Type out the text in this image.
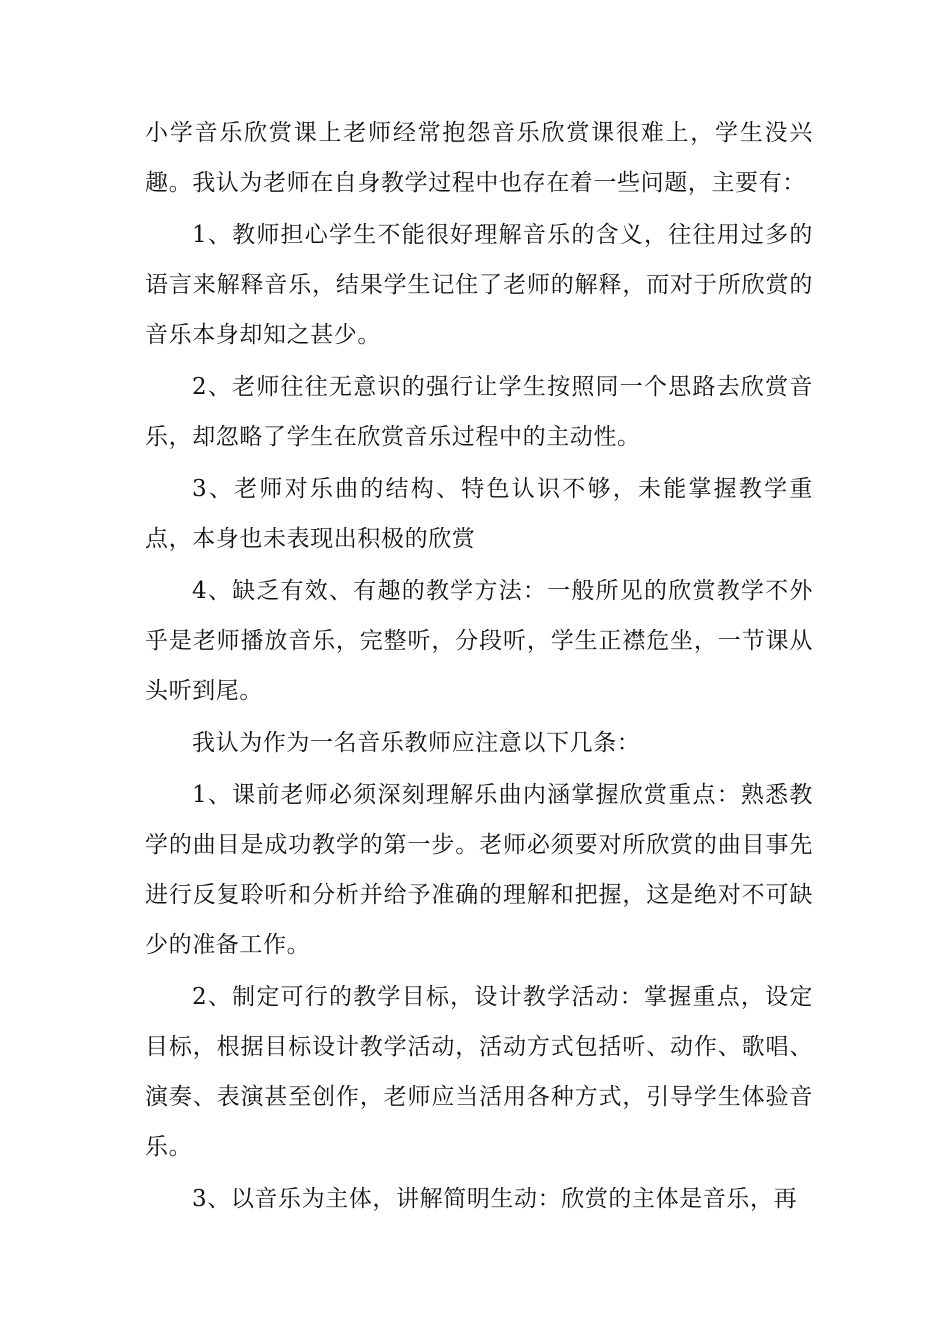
小学音乐欣赏课上老师经常抱怨音乐欣赏课很难上，学生没兴趣。我认为老师在自身教学过程中也存在着一些问题，主要有：

1、教师担心学生不能很好理解音乐的含义，往往用过多的语言来解释音乐，结果学生记住了老师的解释，而对于所欣赏的音乐本身却知之甚少。

2、老师往往无意识的强行让学生按照同一个思路去欣赏音乐，却忽略了学生在欣赏音乐过程中的主动性。

3、老师对乐曲的结构、特色认识不够，未能掌握教学重点，本身也未表现出积极的欣赏

4、缺乏有效、有趣的教学方法：一般所见的欣赏教学不外乎是老师播放音乐，完整听，分段听，学生正襟危坐，一节课从头听到尾。

我认为作为一名音乐教师应注意以下几条：

1、课前老师必须深刻理解乐曲内涵掌握欣赏重点：熟悉教学的曲目是成功教学的第一步。老师必须要对所欣赏的曲目事先进行反复聆听和分析并给予准确的理解和把握，这是绝对不可缺少的准备工作。

2、制定可行的教学目标，设计教学活动：掌握重点，设定目标，根据目标设计教学活动，活动方式包括听、动作、歌唱、演奏、表演甚至创作，老师应当活用各种方式，引导学生体验音乐。

3、以音乐为主体，讲解简明生动：欣赏的主体是音乐，再
